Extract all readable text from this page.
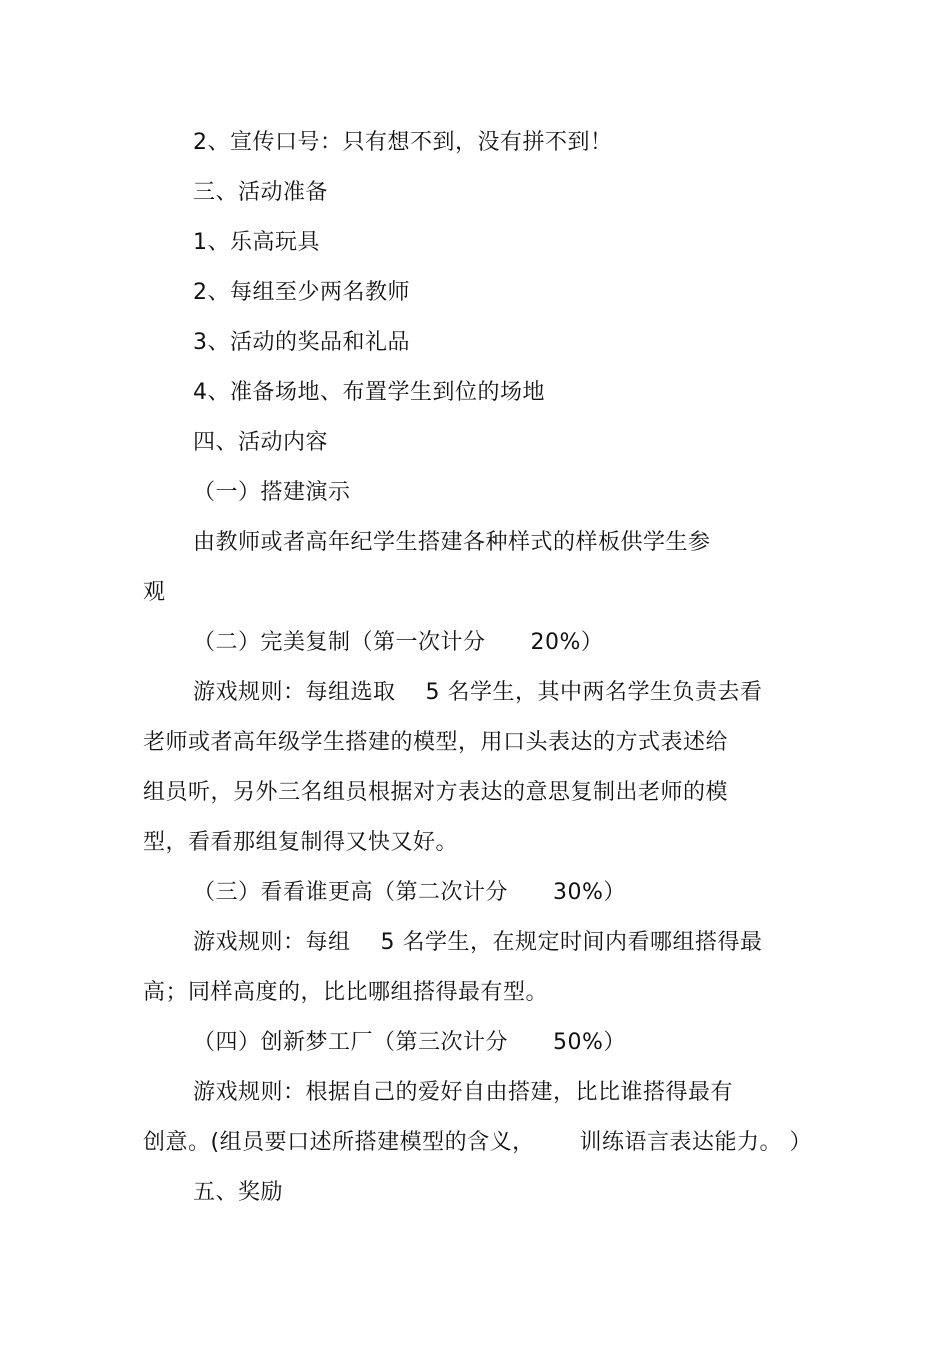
2、宣传口号：只有想不到，没有拼不到！
三、活动准备
1、乐高玩具
2、每组至少两名教师
3、活动的奖品和礼品
4、准备场地、布置学生到位的场地
四、活动内容
（一）搭建演示
由教师或者高年纪学生搭建各种样式的样板供学生参
观
（二）完美复制（第一次计分      20%）
游戏规则：每组选取    5 名学生，其中两名学生负责去看
老师或者高年级学生搭建的模型，用口头表达的方式表述给
组员听，另外三名组员根据对方表达的意思复制出老师的模
型，看看那组复制得又快又好。
（三）看看谁更高（第二次计分      30%）
游戏规则：每组    5 名学生，在规定时间内看哪组搭得最
高；同样高度的，比比哪组搭得最有型。
（四）创新梦工厂（第三次计分      50%）
游戏规则：根据自己的爱好自由搭建，比比谁搭得最有
创意。(组员要口述所搭建模型的含义，      训练语言表达能力。 ）
五、奖励
